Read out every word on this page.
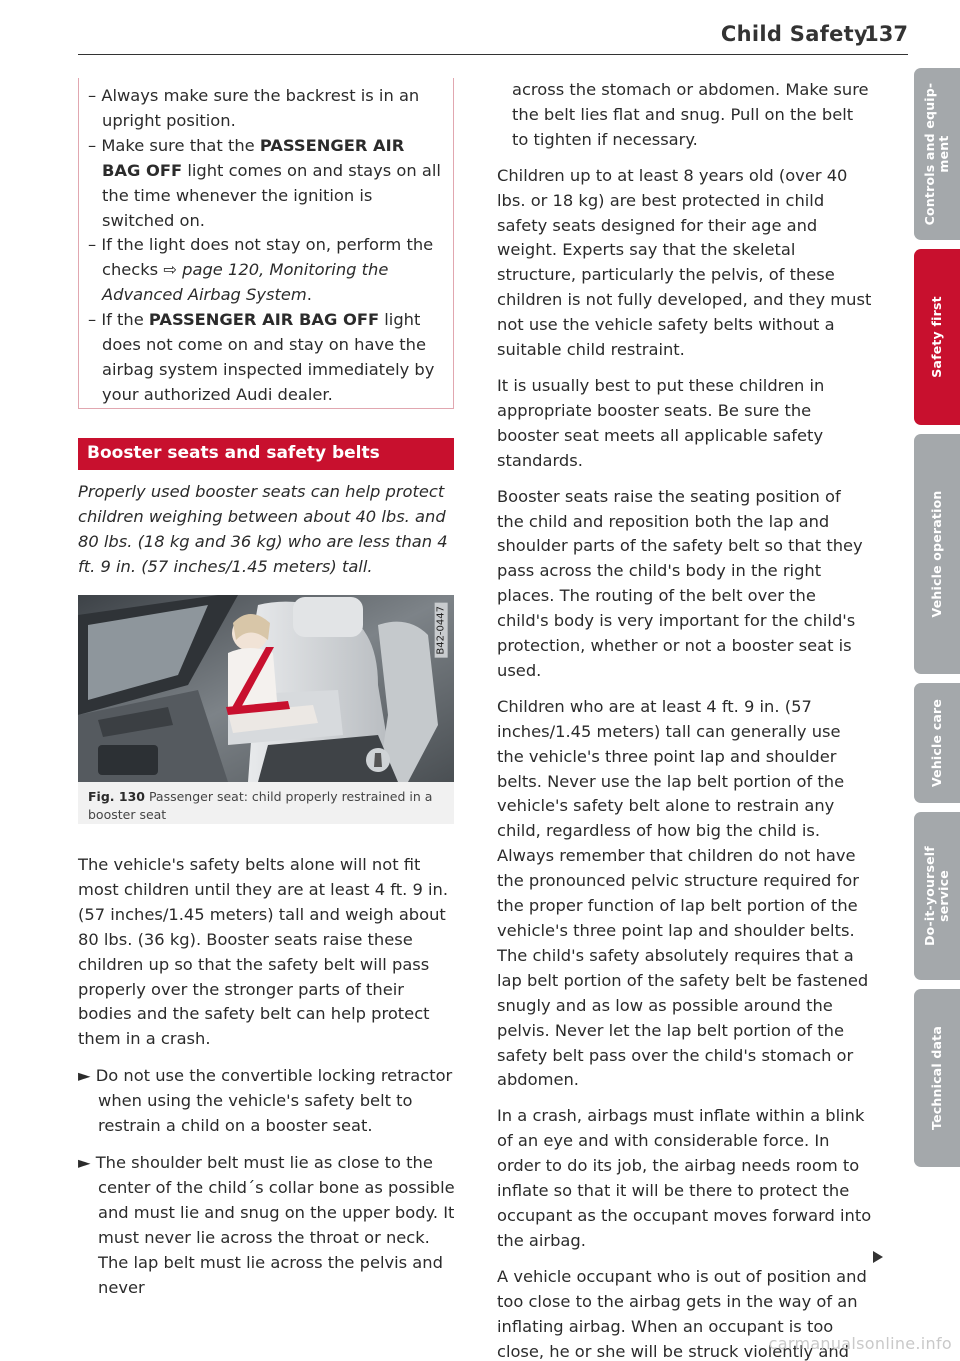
Child Safety
137
Controls and equip-
ment
Safety first
Vehicle operation
Vehicle care
Do-it-yourself
service
Technical data
– Always make sure the backrest is in an upright position.
– Make sure that the PASSENGER AIR BAG OFF light comes on and stays on all the time whenever the ignition is switched on.
– If the light does not stay on, perform the checks ⇨ page 120, Monitoring the Advanced Airbag System.
– If the PASSENGER AIR BAG OFF light does not come on and stay on have the airbag system inspected immediately by your authorized Audi dealer.
Booster seats and safety belts
Properly used booster seats can help protect children weighing between about 40 lbs. and 80 lbs. (18 kg and 36 kg) who are less than 4 ft. 9 in. (57 inches/1.45 meters) tall.
B42-0447
Fig. 130 Passenger seat: child properly restrained in a booster seat

The vehicle's safety belts alone will not fit most children until they are at least 4 ft. 9 in. (57 inches/1.45 meters) tall and weigh about 80 lbs. (36 kg). Booster seats raise these children up so that the safety belt will pass properly over the stronger parts of their bodies and the safety belt can help protect them in a crash.

► Do not use the convertible locking retractor when using the vehicle's safety belt to restrain a child on a booster seat.

► The shoulder belt must lie as close to the center of the child´s collar bone as possible and must lie and snug on the upper body. It must never lie across the throat or neck. The lap belt must lie across the pelvis and never

across the stomach or abdomen. Make sure the belt lies flat and snug. Pull on the belt to tighten if necessary.

Children up to at least 8 years old (over 40 lbs. or 18 kg) are best protected in child safety seats designed for their age and weight. Experts say that the skeletal structure, particularly the pelvis, of these children is not fully developed, and they must not use the vehicle safety belts without a suitable child restraint.

It is usually best to put these children in appropriate booster seats. Be sure the booster seat meets all applicable safety standards.

Booster seats raise the seating position of the child and reposition both the lap and shoulder parts of the safety belt so that they pass across the child's body in the right places. The routing of the belt over the child's body is very important for the child's protection, whether or not a booster seat is used.

Children who are at least 4 ft. 9 in. (57 inches/1.45 meters) tall can generally use the vehicle's three point lap and shoulder belts. Never use the lap belt portion of the vehicle's safety belt alone to restrain any child, regardless of how big the child is. Always remember that children do not have the pronounced pelvic structure required for the proper function of lap belt portion of the vehicle's three point lap and shoulder belts. The child's safety absolutely requires that a lap belt portion of the safety belt be fastened snugly and as low as possible around the pelvis. Never let the lap belt portion of the safety belt pass over the child's stomach or abdomen.

In a crash, airbags must inflate within a blink of an eye and with considerable force. In order to do its job, the airbag needs room to inflate so that it will be there to protect the occupant as the occupant moves forward into the airbag.

A vehicle occupant who is out of position and too close to the airbag gets in the way of an inflating airbag. When an occupant is too close, he or she will be struck violently and

carmanualsonline.info
